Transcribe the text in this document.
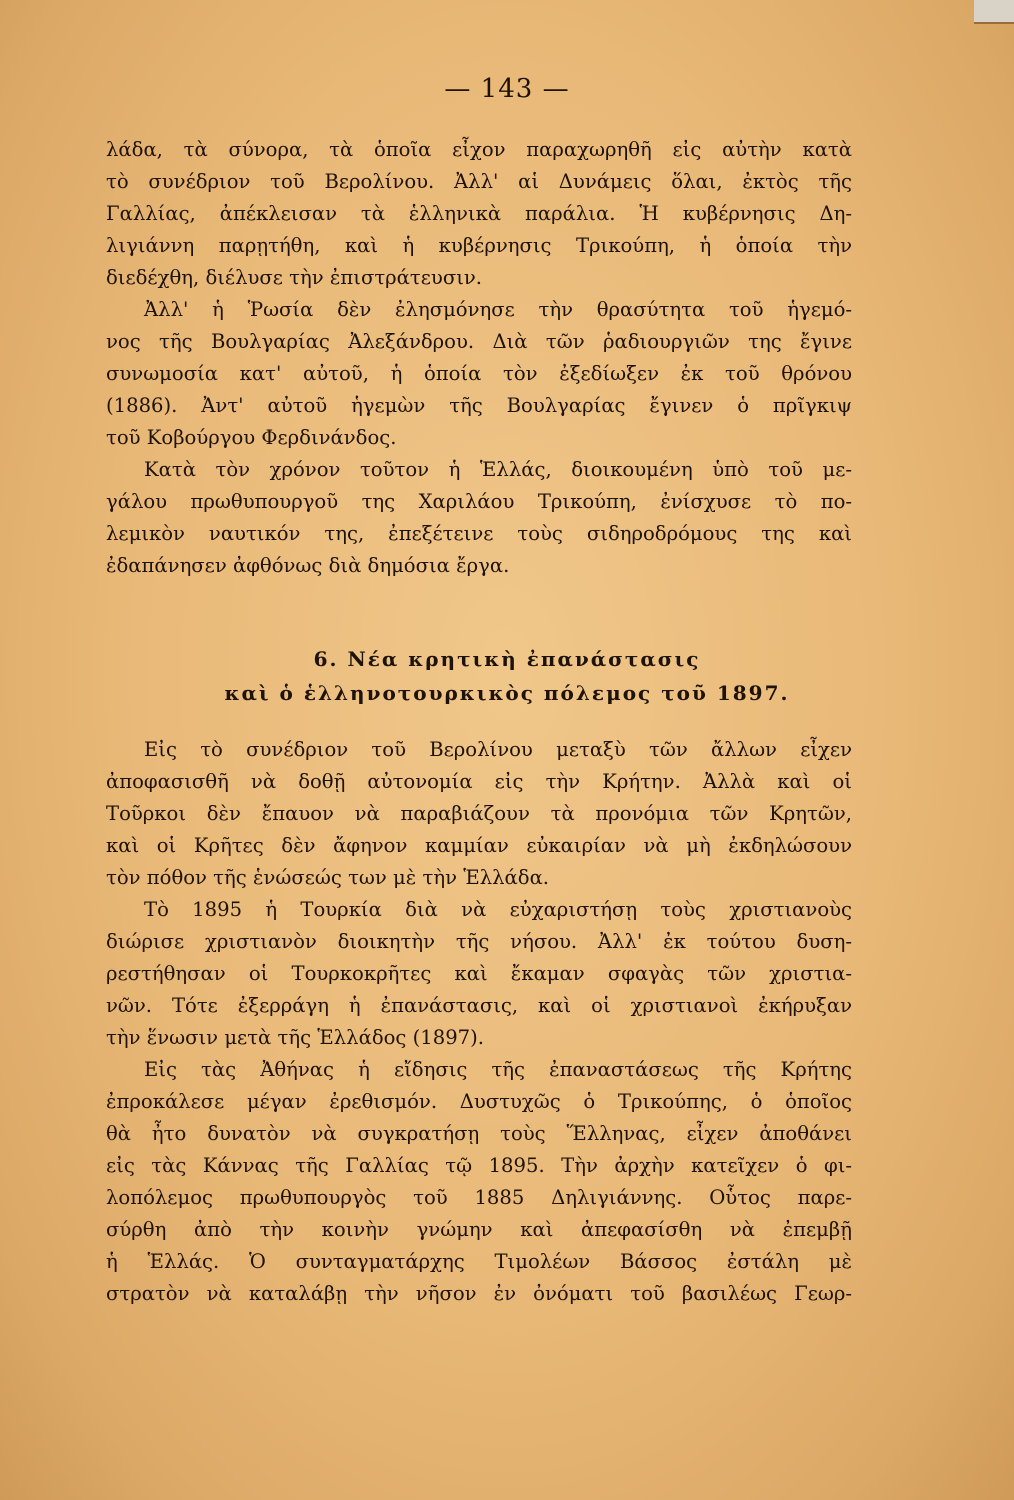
— 143 —
λάδα, τὰ σύνορα, τὰ ὁποῖα εἶχον παραχωρηθῆ εἰς αὐτὴν κατὰ
τὸ συνέδριον τοῦ Βερολίνου. Ἀλλ' αἱ Δυνάμεις ὅλαι, ἐκτὸς τῆς
Γαλλίας, ἀπέκλεισαν τὰ ἑλληνικὰ παράλια. Ἡ κυβέρνησις Δη-
λιγιάννη παρῃτήθη, καὶ ἡ κυβέρνησις Τρικούπη, ἡ ὁποία τὴν
διεδέχθη, διέλυσε τὴν ἐπιστράτευσιν.
Ἀλλ' ἡ Ῥωσία δὲν ἐλησμόνησε τὴν θρασύτητα τοῦ ἡγεμό-
νος τῆς Βουλγαρίας Ἀλεξάνδρου. Διὰ τῶν ῥαδιουργιῶν της ἔγινε
συνωμοσία κατ' αὐτοῦ, ἡ ὁποία τὸν ἐξεδίωξεν ἐκ τοῦ θρόνου
(1886). Ἀντ' αὐτοῦ ἡγεμὼν τῆς Βουλγαρίας ἔγινεν ὁ πρῖγκιψ
τοῦ Κοβούργου Φερδινάνδος.
Κατὰ τὸν χρόνον τοῦτον ἡ Ἑλλάς, διοικουμένη ὑπὸ τοῦ με-
γάλου πρωθυπουργοῦ της Χαριλάου Τρικούπη, ἐνίσχυσε τὸ πο-
λεμικὸν ναυτικόν της, ἐπεξέτεινε τοὺς σιδηροδρόμους της καὶ
ἐδαπάνησεν ἀφθόνως διὰ δημόσια ἔργα.
6. Νέα κρητικὴ ἐπανάστασις
καὶ ὁ ἑλληνοτουρκικὸς πόλεμος τοῦ 1897.
Εἰς τὸ συνέδριον τοῦ Βερολίνου μεταξὺ τῶν ἄλλων εἶχεν
ἀποφασισθῆ νὰ δοθῇ αὐτονομία εἰς τὴν Κρήτην. Ἀλλὰ καὶ οἱ
Τοῦρκοι δὲν ἔπαυον νὰ παραβιάζουν τὰ προνόμια τῶν Κρητῶν,
καὶ οἱ Κρῆτες δὲν ἄφηνον καμμίαν εὐκαιρίαν νὰ μὴ ἐκδηλώσουν
τὸν πόθον τῆς ἑνώσεώς των μὲ τὴν Ἑλλάδα.
Τὸ 1895 ἡ Τουρκία διὰ νὰ εὐχαριστήσῃ τοὺς χριστιανοὺς
διώρισε χριστιανὸν διοικητὴν τῆς νήσου. Ἀλλ' ἐκ τούτου δυση-
ρεστήθησαν οἱ Τουρκοκρῆτες καὶ ἔκαμαν σφαγὰς τῶν χριστια-
νῶν. Τότε ἐξερράγη ἡ ἐπανάστασις, καὶ οἱ χριστιανοὶ ἐκήρυξαν
τὴν ἕνωσιν μετὰ τῆς Ἑλλάδος (1897).
Εἰς τὰς Ἀθήνας ἡ εἴδησις τῆς ἐπαναστάσεως τῆς Κρήτης
ἐπροκάλεσε μέγαν ἐρεθισμόν. Δυστυχῶς ὁ Τρικούπης, ὁ ὁποῖος
θὰ ἦτο δυνατὸν νὰ συγκρατήσῃ τοὺς Ἕλληνας, εἶχεν ἀποθάνει
εἰς τὰς Κάννας τῆς Γαλλίας τῷ 1895. Τὴν ἀρχὴν κατεῖχεν ὁ φι-
λοπόλεμος πρωθυπουργὸς τοῦ 1885 Δηλιγιάννης. Οὗτος παρε-
σύρθη ἀπὸ τὴν κοινὴν γνώμην καὶ ἀπεφασίσθη νὰ ἐπεμβῇ
ἡ Ἑλλάς. Ὁ συνταγματάρχης Τιμολέων Βάσσος ἐστάλη μὲ
στρατὸν νὰ καταλάβῃ τὴν νῆσον ἐν ὀνόματι τοῦ βασιλέως Γεωρ-
